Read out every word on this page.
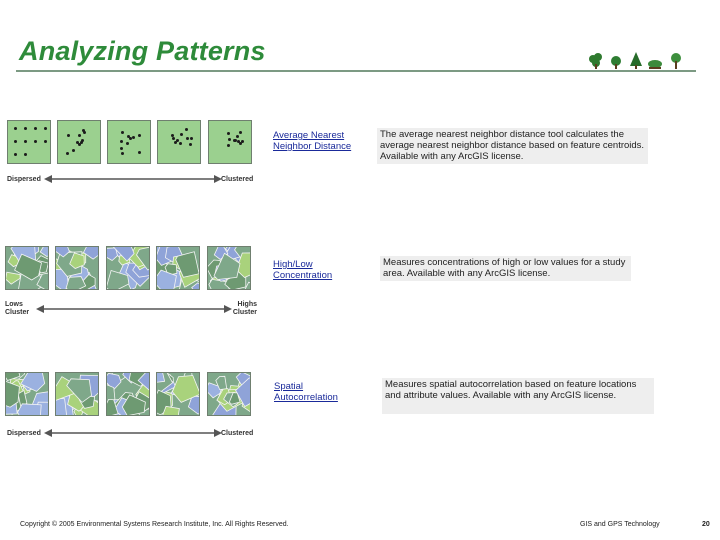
Analyzing Patterns
Dispersed	Clustered
Average Nearest Neighbor Distance
The average nearest neighbor distance tool calculates the average nearest neighbor distance based on feature centroids. Available with any ArcGIS license.
Lows Cluster
Highs Cluster
High/Low Concentration
Measures concentrations of high or low values for a study area. Available with any ArcGIS license.
Dispersed	Clustered
Spatial Autocorrelation
Measures spatial autocorrelation based on feature locations and attribute values. Available with any ArcGIS license.
Copyright © 2005 Environmental Systems Research Institute, Inc. All Rights Reserved.	GIS and GPS Technology	20
